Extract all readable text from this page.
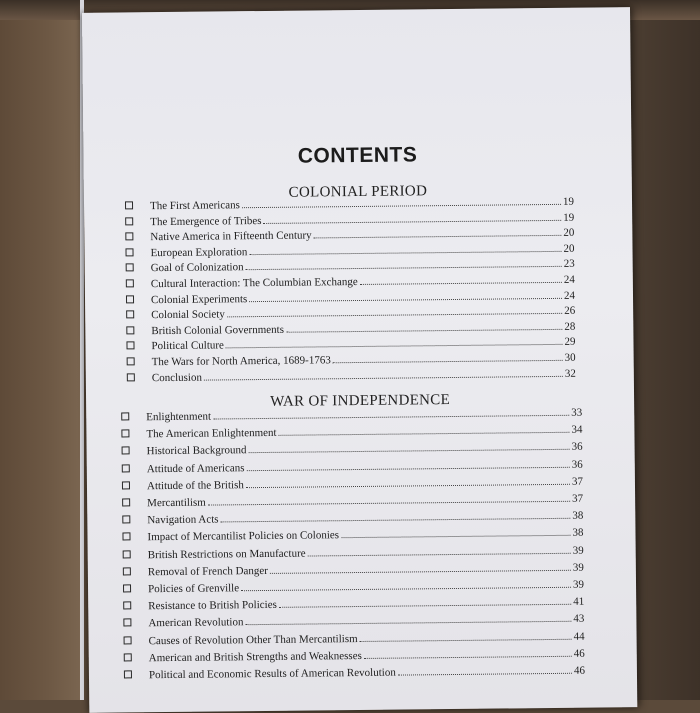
CONTENTS
COLONIAL PERIOD
The First Americans	19
The Emergence of Tribes	19
Native America in Fifteenth Century	20
European Exploration	20
Goal of Colonization	23
Cultural Interaction: The Columbian Exchange	24
Colonial Experiments	24
Colonial Society	26
British Colonial Governments	28
Political Culture	29
The Wars for North America, 1689-1763	30
Conclusion	32
WAR OF INDEPENDENCE
Enlightenment	33
The American Enlightenment	34
Historical Background	36
Attitude of Americans	36
Attitude of the British	37
Mercantilism	37
Navigation Acts	38
Impact of Mercantilist Policies on Colonies	38
British Restrictions on Manufacture	39
Removal of French Danger	39
Policies of Grenville	39
Resistance to British Policies	41
American Revolution	43
Causes of Revolution Other Than Mercantilism	44
American and British Strengths and Weaknesses	46
Political and Economic Results of American Revolution	46
